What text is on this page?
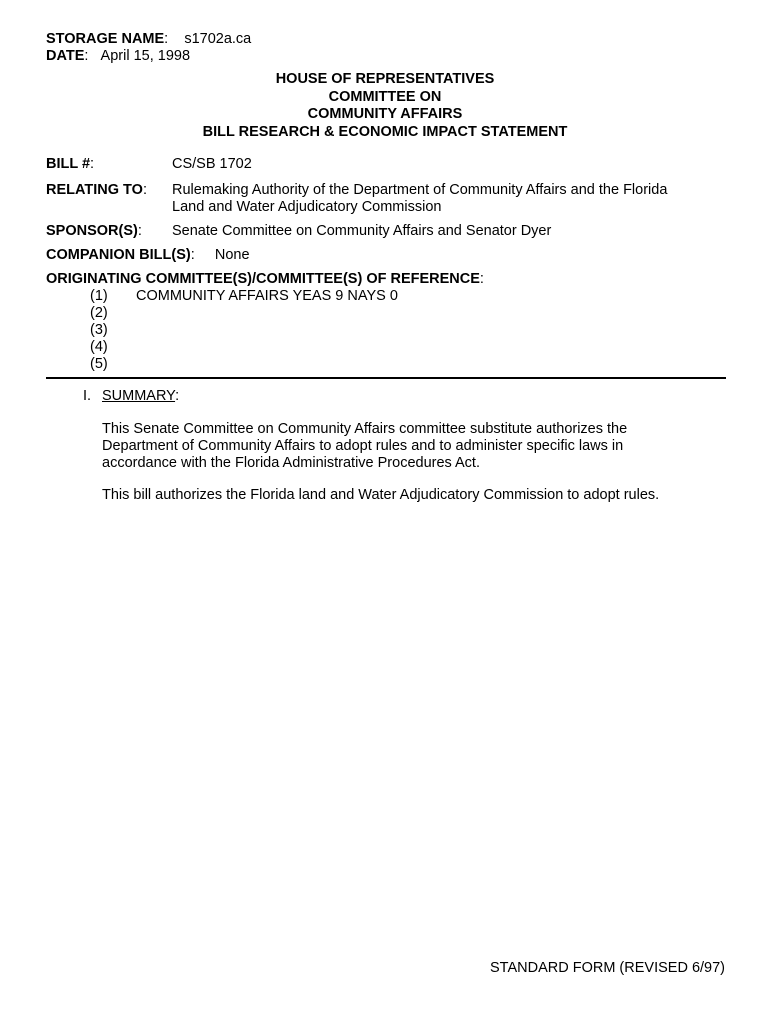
STORAGE NAME:    s1702a.ca
DATE:   April 15, 1998
HOUSE OF REPRESENTATIVES
COMMITTEE ON
COMMUNITY AFFAIRS
BILL RESEARCH & ECONOMIC IMPACT STATEMENT
BILL #:	CS/SB 1702
RELATING TO: Rulemaking Authority of the Department of Community Affairs and the Florida
Land and Water Adjudicatory Commission
SPONSOR(S): Senate Committee on Community Affairs and Senator Dyer
COMPANION BILL(S):     None
ORIGINATING COMMITTEE(S)/COMMITTEE(S) OF REFERENCE:
(1) COMMUNITY AFFAIRS YEAS 9 NAYS 0
(2)
(3)
(4)
(5)
I. SUMMARY:
This Senate Committee on Community Affairs committee substitute authorizes the
Department of Community Affairs to adopt rules and to administer specific laws in
accordance with the Florida Administrative Procedures Act.
This bill authorizes the Florida land and Water Adjudicatory Commission to adopt rules.
STANDARD FORM (REVISED 6/97)
